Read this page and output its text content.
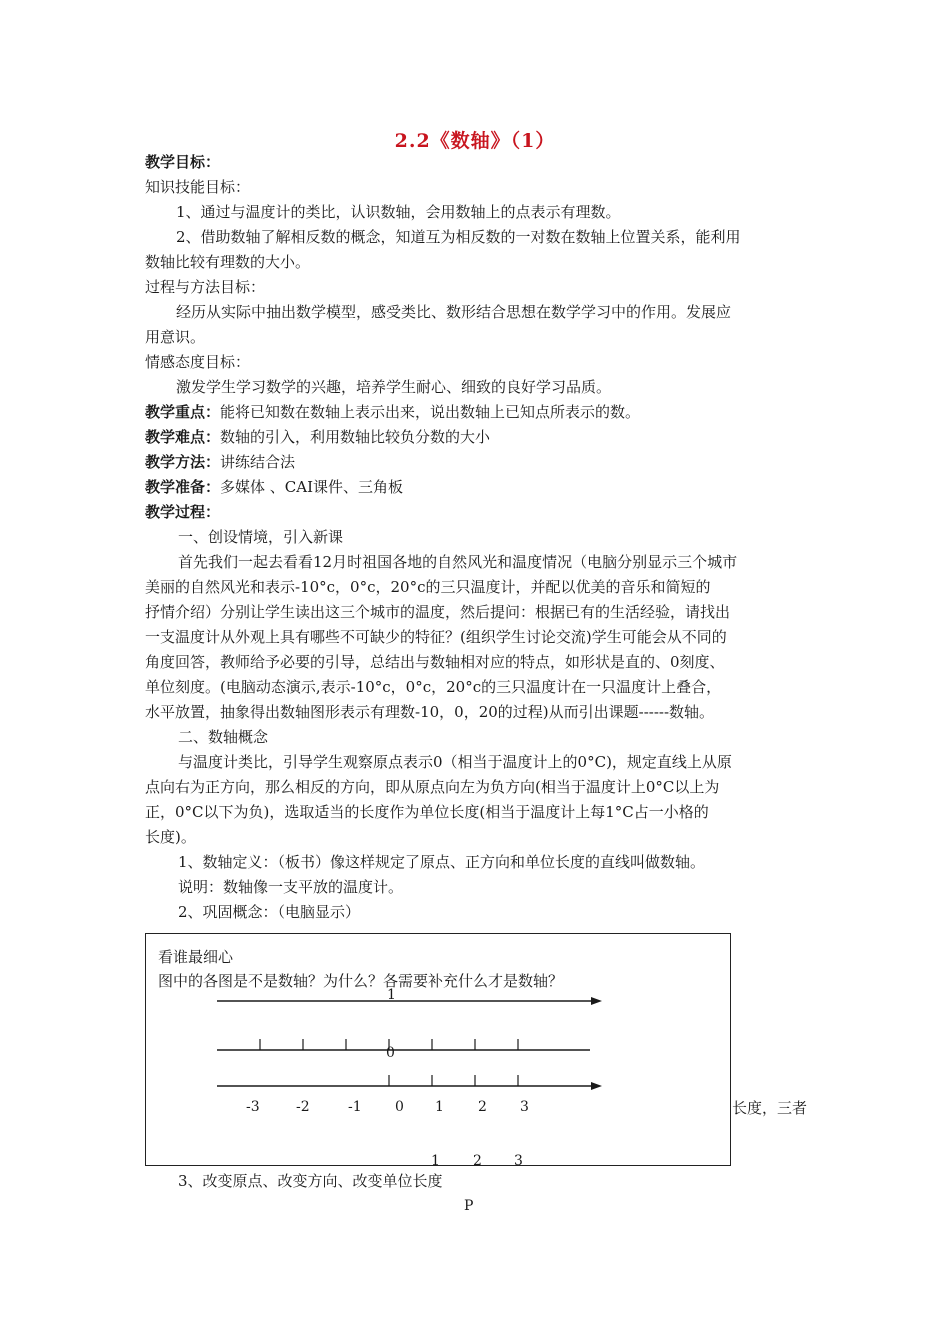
2.2《数轴》（1）
教学目标：
知识技能目标：
1、通过与温度计的类比，认识数轴，会用数轴上的点表示有理数。
2、借助数轴了解相反数的概念，知道互为相反数的一对数在数轴上位置关系，能利用
数轴比较有理数的大小。
过程与方法目标：
经历从实际中抽出数学模型，感受类比、数形结合思想在数学学习中的作用。发展应
用意识。
情感态度目标：
激发学生学习数学的兴趣，培养学生耐心、细致的良好学习品质。
教学重点：能将已知数在数轴上表示出来，说出数轴上已知点所表示的数。
教学难点：数轴的引入，利用数轴比较负分数的大小
教学方法：讲练结合法
教学准备：多媒体 、CAI课件、三角板
教学过程：
一、创设情境，引入新课
首先我们一起去看看12月时祖国各地的自然风光和温度情况（电脑分别显示三个城市
美丽的自然风光和表示-10°c，0°c，20°c的三只温度计，并配以优美的音乐和简短的
抒情介绍）分别让学生读出这三个城市的温度，然后提问：根据已有的生活经验，请找出
一支温度计从外观上具有哪些不可缺少的特征？(组织学生讨论交流)学生可能会从不同的
角度回答，教师给予必要的引导，总结出与数轴相对应的特点，如形状是直的、0刻度、
单位刻度。(电脑动态演示,表示-10°c，0°c，20°c的三只温度计在一只温度计上叠合，
水平放置，抽象得出数轴图形表示有理数-10，0，20的过程)从而引出课题------数轴。
二、数轴概念
与温度计类比，引导学生观察原点表示0（相当于温度计上的0°C)，规定直线上从原
点向右为正方向，那么相反的方向，即从原点向左为负方向(相当于温度计上0°C以上为
正，0°C以下为负)，选取适当的长度作为单位长度(相当于温度计上每1°C占一小格的
长度)。
1、数轴定义：（板书）像这样规定了原点、正方向和单位长度的直线叫做数轴。
说明：数轴像一支平放的温度计。
2、巩固概念：（电脑显示）
看谁最细心
图中的各图是不是数轴？为什么？各需要补充什么才是数轴？
1
0
-3	-2	-1 0 1 2 3
1 2 3
长度，三者
3、改变原点、改变方向、改变单位长度
P
